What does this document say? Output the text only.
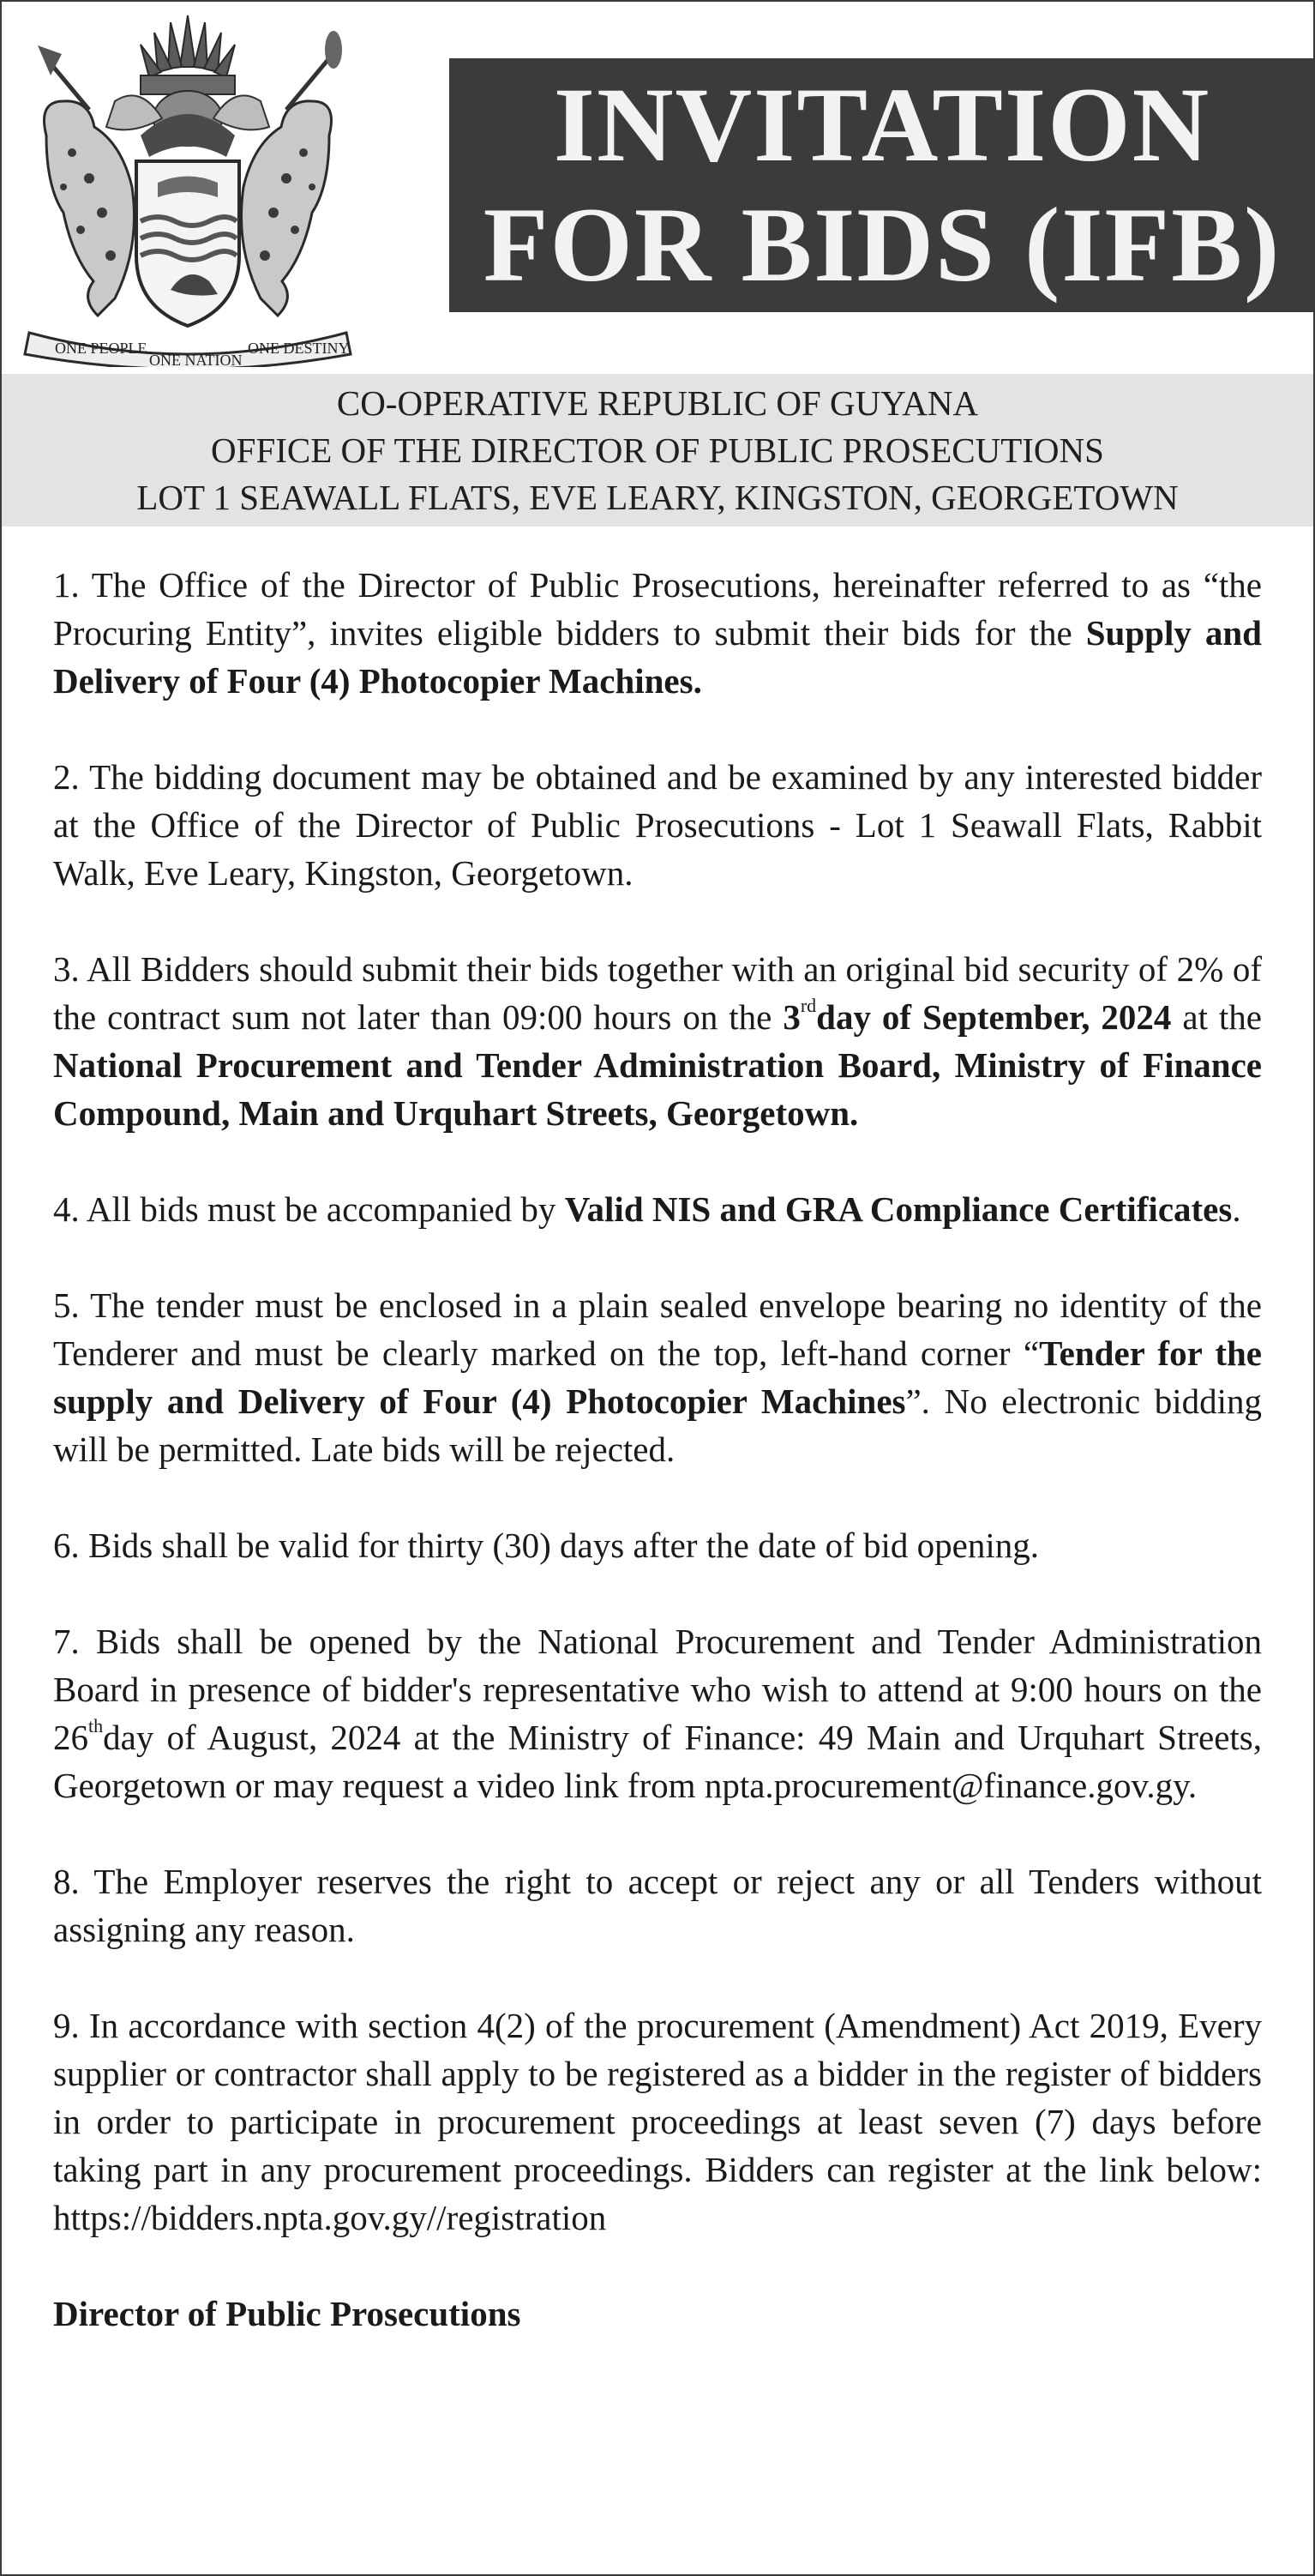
ONE PEOPLE
ONE NATION
ONE DESTINY
INVITATION
FOR BIDS (IFB)
CO-OPERATIVE REPUBLIC OF GUYANA
OFFICE OF THE DIRECTOR OF PUBLIC PROSECUTIONS
LOT 1 SEAWALL FLATS, EVE LEARY, KINGSTON, GEORGETOWN

1. The Office of the Director of Public Prosecutions, hereinafter referred to as “the Procuring Entity”, invites eligible bidders to submit their bids for the Supply and Delivery of Four (4) Photocopier Machines.

2. The bidding document may be obtained and be examined by any interested bidder at the Office of the Director of Public Prosecutions - Lot 1 Seawall Flats, Rabbit Walk, Eve Leary, Kingston, Georgetown.

3. All Bidders should submit their bids together with an original bid security of 2% of the contract sum not later than 09:00 hours on the 3rdday of September, 2024 at the National Procurement and Tender Administration Board, Ministry of Finance Compound, Main and Urquhart Streets, Georgetown.

4. All bids must be accompanied by Valid NIS and GRA Compliance Certificates.

5. The tender must be enclosed in a plain sealed envelope bearing no identity of the Tenderer and must be clearly marked on the top, left-hand corner “Tender for the supply and Delivery of Four (4) Photocopier Machines”. No electronic bidding will be permitted. Late bids will be rejected.

6. Bids shall be valid for thirty (30) days after the date of bid opening.

7. Bids shall be opened by the National Procurement and Tender Administration Board in presence of bidder's representative who wish to attend at 9:00 hours on the 26thday of August, 2024 at the Ministry of Finance: 49 Main and Urquhart Streets, Georgetown or may request a video link from npta.procurement@finance.gov.gy.

8. The Employer reserves the right to accept or reject any or all Tenders without assigning any reason.

9. In accordance with section 4(2) of the procurement (Amendment) Act 2019, Every supplier or contractor shall apply to be registered as a bidder in the register of bidders in order to participate in procurement proceedings at least seven (7) days before taking part in any procurement proceedings. Bidders can register at the link below: https://bidders.npta.gov.gy//registration

Director of Public Prosecutions
